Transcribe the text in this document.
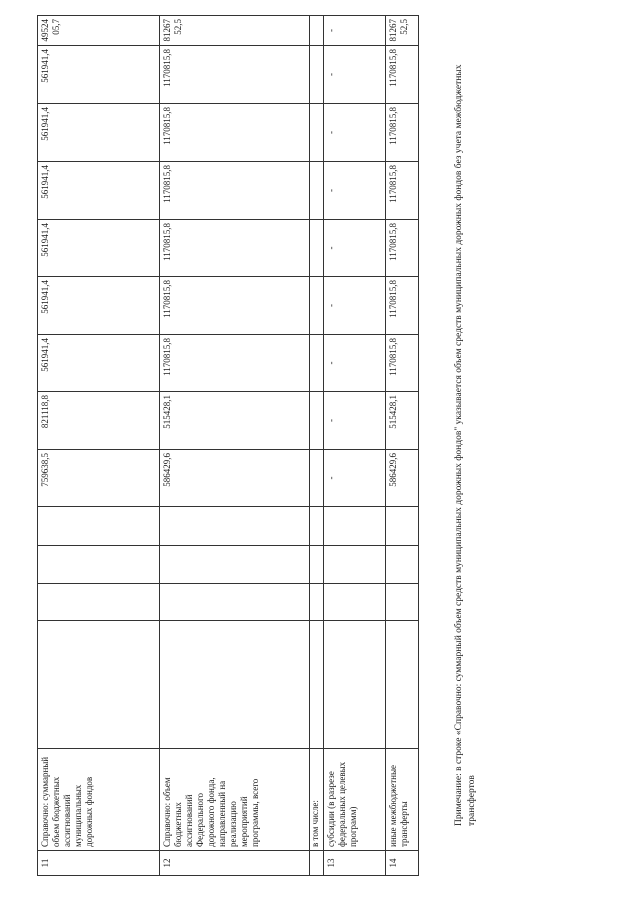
11	Справочно: суммарный объем бюджетных ассигнований муниципальных дорожных фондов					759638,5	821118,8	561941,4	561941,4	561941,4	561941,4	561941,4	561941,4	4952405,7
12	Справочно: объем бюджетных ассигнований Федерального дорожного фонда, направленный на реализацию мероприятий программы, всего					586429,6	515428,1	1170815,8	1170815,8	1170815,8	1170815,8	1170815,8	1170815,8	8126752,5
	в том числе:													
13	субсидии (в разрезе федеральных целевых программ)					-	-	-	-	-	-	-	-	-
14	иные межбюджетные трансферты					586429,6	515428,1	1170815,8	1170815,8	1170815,8	1170815,8	1170815,8	1170815,8	8126752,5
Примечание: в строке «Справочно: суммарный объем средств муниципальных дорожных фондов" указывается объем средств муниципальных дорожных фондов без учета межбюджетных трансфертов
